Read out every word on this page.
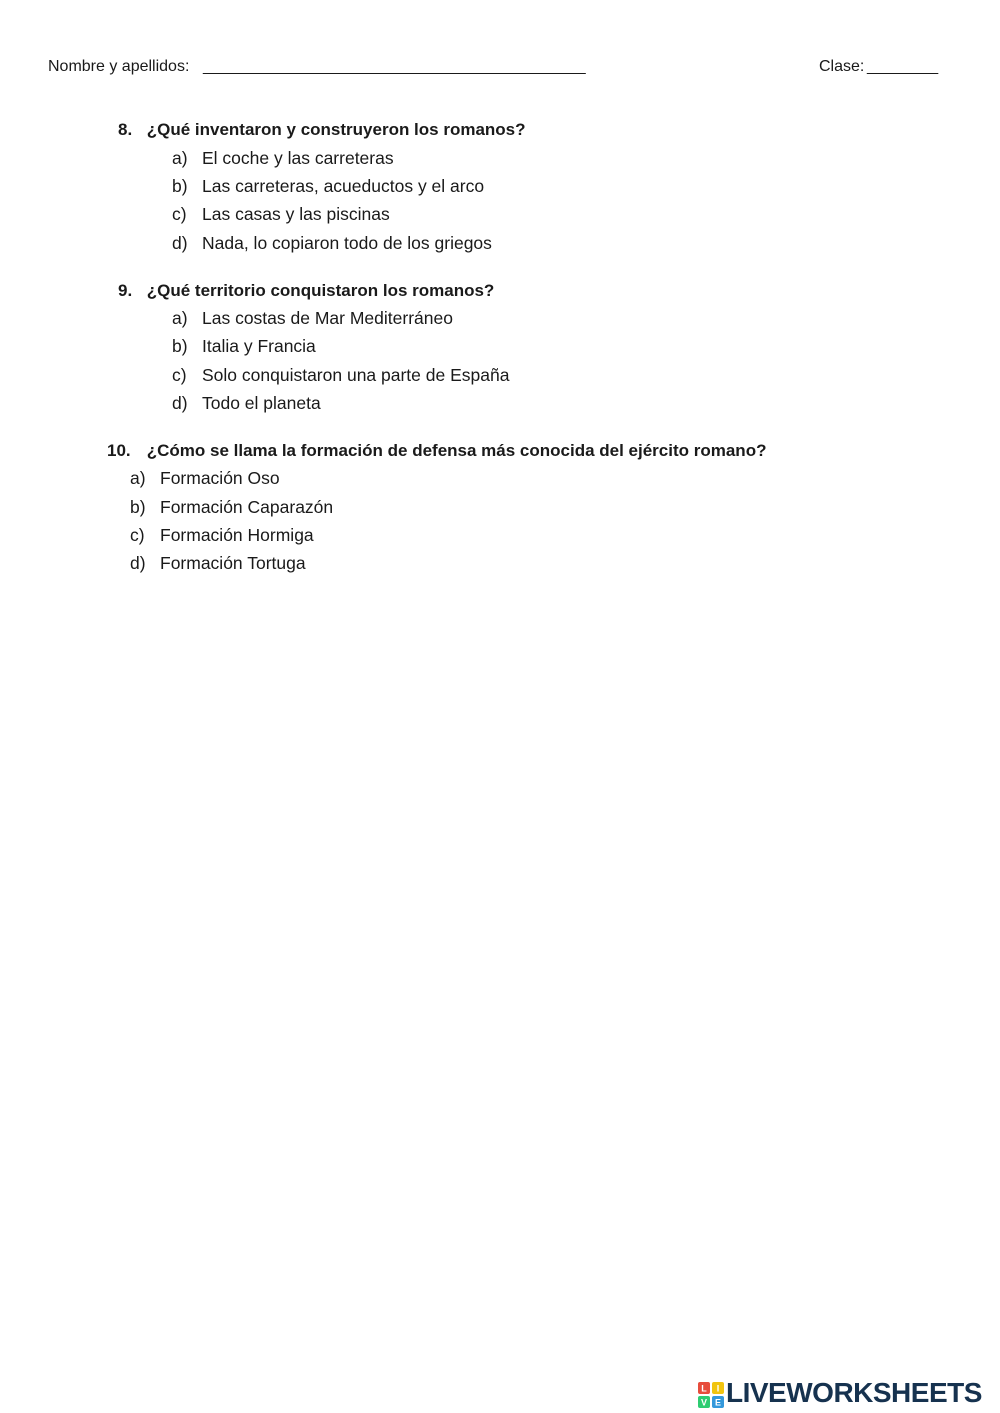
Nombre y apellidos: ___________________________________________	Clase: ________
8. ¿Qué inventaron y construyeron los romanos?
a) El coche y las carreteras
b) Las carreteras, acueductos y el arco
c) Las casas y las piscinas
d) Nada, lo copiaron todo de los griegos
9. ¿Qué territorio conquistaron los romanos?
a) Las costas de Mar Mediterráneo
b) Italia y Francia
c) Solo conquistaron una parte de España
d) Todo el planeta
10. ¿Cómo se llama la formación de defensa más conocida del ejército romano?
a) Formación Oso
b) Formación Caparazón
c) Formación Hormiga
d) Formación Tortuga
L I
V E LIVEWORKSHEETS
